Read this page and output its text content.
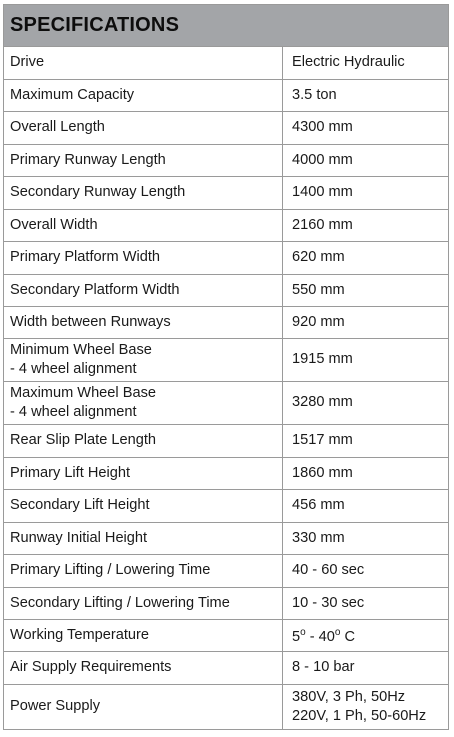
SPECIFICATIONS
Drive	Electric Hydraulic
Maximum Capacity	3.5 ton
Overall Length	4300 mm
Primary Runway Length	4000 mm
Secondary Runway Length	1400 mm
Overall Width	2160 mm
Primary Platform Width	620 mm
Secondary Platform Width	550 mm
Width between Runways	920 mm

Minimum Wheel Base
- 4 wheel alignment	1915 mm

Maximum Wheel Base
- 4 wheel alignment	3280 mm
Rear Slip Plate Length	1517 mm
Primary Lift Height	1860 mm
Secondary Lift Height	456 mm
Runway Initial Height	330 mm
Primary Lifting / Lowering Time	40 - 60 sec
Secondary Lifting / Lowering Time	10 - 30 sec
Working Temperature	5$^o$ - 40$^o$ C
Air Supply Requirements	8 - 10 bar
Power Supply	380V, 3 Ph, 50Hz
220V, 1 Ph, 50-60Hz
